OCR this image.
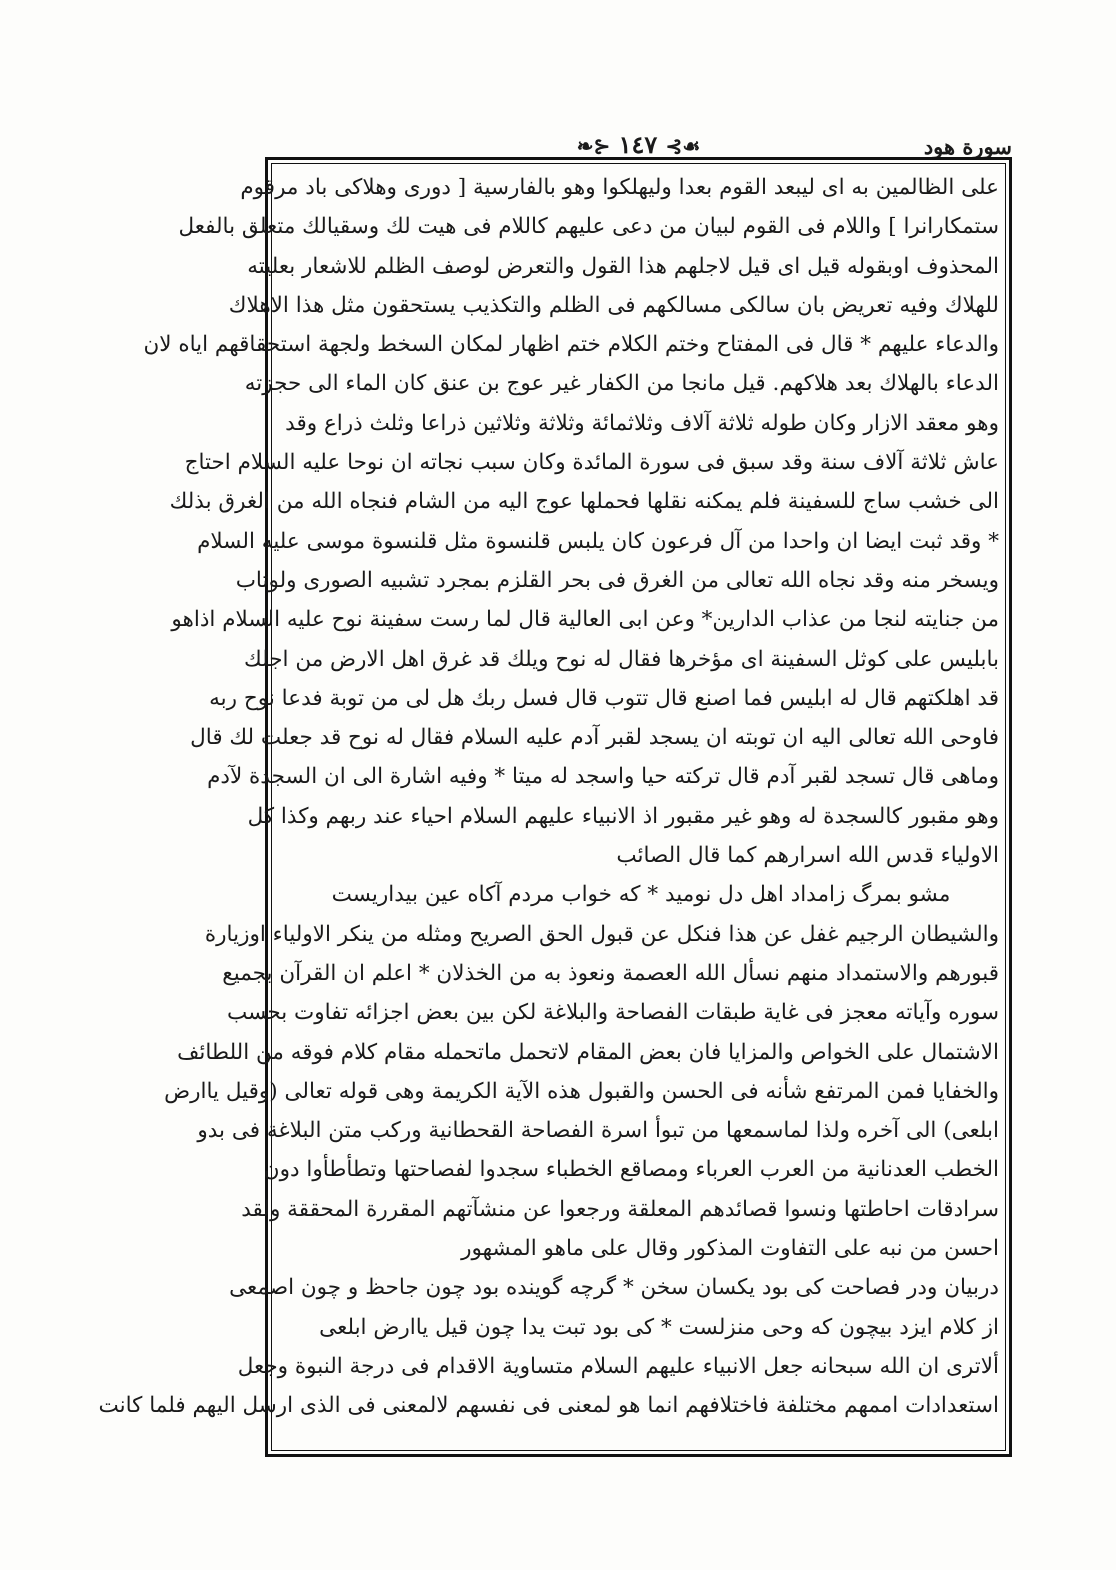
سورة هود
☙⊱ ١٤٧ ⊰❧
على الظالمين به اى ليبعد القوم بعدا وليهلكوا وهو بالفارسية [ دورى وهلاكى باد مرقوم
ستمكارانرا ] واللام فى القوم لبيان من دعى عليهم كاللام فى هيت لك وسقيالك متعلق بالفعل
المحذوف اوبقوله قيل اى قيل لاجلهم هذا القول والتعرض لوصف الظلم للاشعار بعليته
للهلاك وفيه تعريض بان سالكى مسالكهم فى الظلم والتكذيب يستحقون مثل هذا الاهلاك
والدعاء عليهم * قال فى المفتاح وختم الكلام ختم اظهار لمكان السخط ولجهة استحقاقهم اياه لان
الدعاء بالهلاك بعد هلاكهم. قيل مانجا من الكفار غير عوج بن عنق كان الماء الى حجزته
وهو معقد الازار وكان طوله ثلاثة آلاف وثلاثمائة وثلاثة وثلاثين ذراعا وثلث ذراع وقد
عاش ثلاثة آلاف سنة وقد سبق فى سورة المائدة وكان سبب نجاته ان نوحا عليه السلام احتاج
الى خشب ساج للسفينة فلم يمكنه نقلها فحملها عوج اليه من الشام فنجاه الله من الغرق بذلك
* وقد ثبت ايضا ان واحدا من آل فرعون كان يلبس قلنسوة مثل قلنسوة موسى عليه السلام
ويسخر منه وقد نجاه الله تعالى من الغرق فى بحر القلزم بمجرد تشبيه الصورى ولوتاب
من جنايته لنجا من عذاب الدارين* وعن ابى العالية قال لما رست سفينة نوح عليه السلام اذاهو
بابليس على كوثل السفينة اى مؤخرها فقال له نوح ويلك قد غرق اهل الارض من اجلك
قد اهلكتهم قال له ابليس فما اصنع قال تتوب قال فسل ربك هل لى من توبة فدعا نوح ربه
فاوحى الله تعالى اليه ان توبته ان يسجد لقبر آدم عليه السلام فقال له نوح قد جعلت لك قال
وماهى قال تسجد لقبر آدم قال تركته حيا واسجد له ميتا * وفيه اشارة الى ان السجدة لآدم
وهو مقبور كالسجدة له وهو غير مقبور اذ الانبياء عليهم السلام احياء عند ربهم وكذا كل
الاولياء قدس الله اسرارهم كما قال الصائب
مشو بمرگ زامداد اهل دل نوميد * كه خواب مردم آكاه عين بيداريست
والشيطان الرجيم غفل عن هذا فنكل عن قبول الحق الصريح ومثله من ينكر الاولياء اوزيارة
قبورهم والاستمداد منهم نسأل الله العصمة ونعوذ به من الخذلان * اعلم ان القرآن بجميع
سوره وآياته معجز فى غاية طبقات الفصاحة والبلاغة لكن بين بعض اجزائه تفاوت بحسب
الاشتمال على الخواص والمزايا فان بعض المقام لاتحمل ماتحمله مقام كلام فوقه من اللطائف
والخفايا فمن المرتفع شأنه فى الحسن والقبول هذه الآية الكريمة وهى قوله تعالى (وقيل ياارض
ابلعى) الى آخره ولذا لماسمعها من تبوأ اسرة الفصاحة القحطانية وركب متن البلاغة فى بدو
الخطب العدنانية من العرب العرباء ومصاقع الخطباء سجدوا لفصاحتها وتطأطأوا دون
سرادقات احاطتها ونسوا قصائدهم المعلقة ورجعوا عن منشآتهم المقررة المحققة ولقد
احسن من نبه على التفاوت المذكور وقال على ماهو المشهور
دربيان ودر فصاحت كى بود يكسان سخن * گرچه گوينده بود چون جاحظ و چون اصمعى
از كلام ايزد بيچون كه وحى منزلست * كى بود تبت يدا چون قيل ياارض ابلعى
ألاترى ان الله سبحانه جعل الانبياء عليهم السلام متساوية الاقدام فى درجة النبوة وجعل
استعدادات اممهم مختلفة فاختلافهم انما هو لمعنى فى نفسهم لالمعنى فى الذى ارسل اليهم فلما كانت
